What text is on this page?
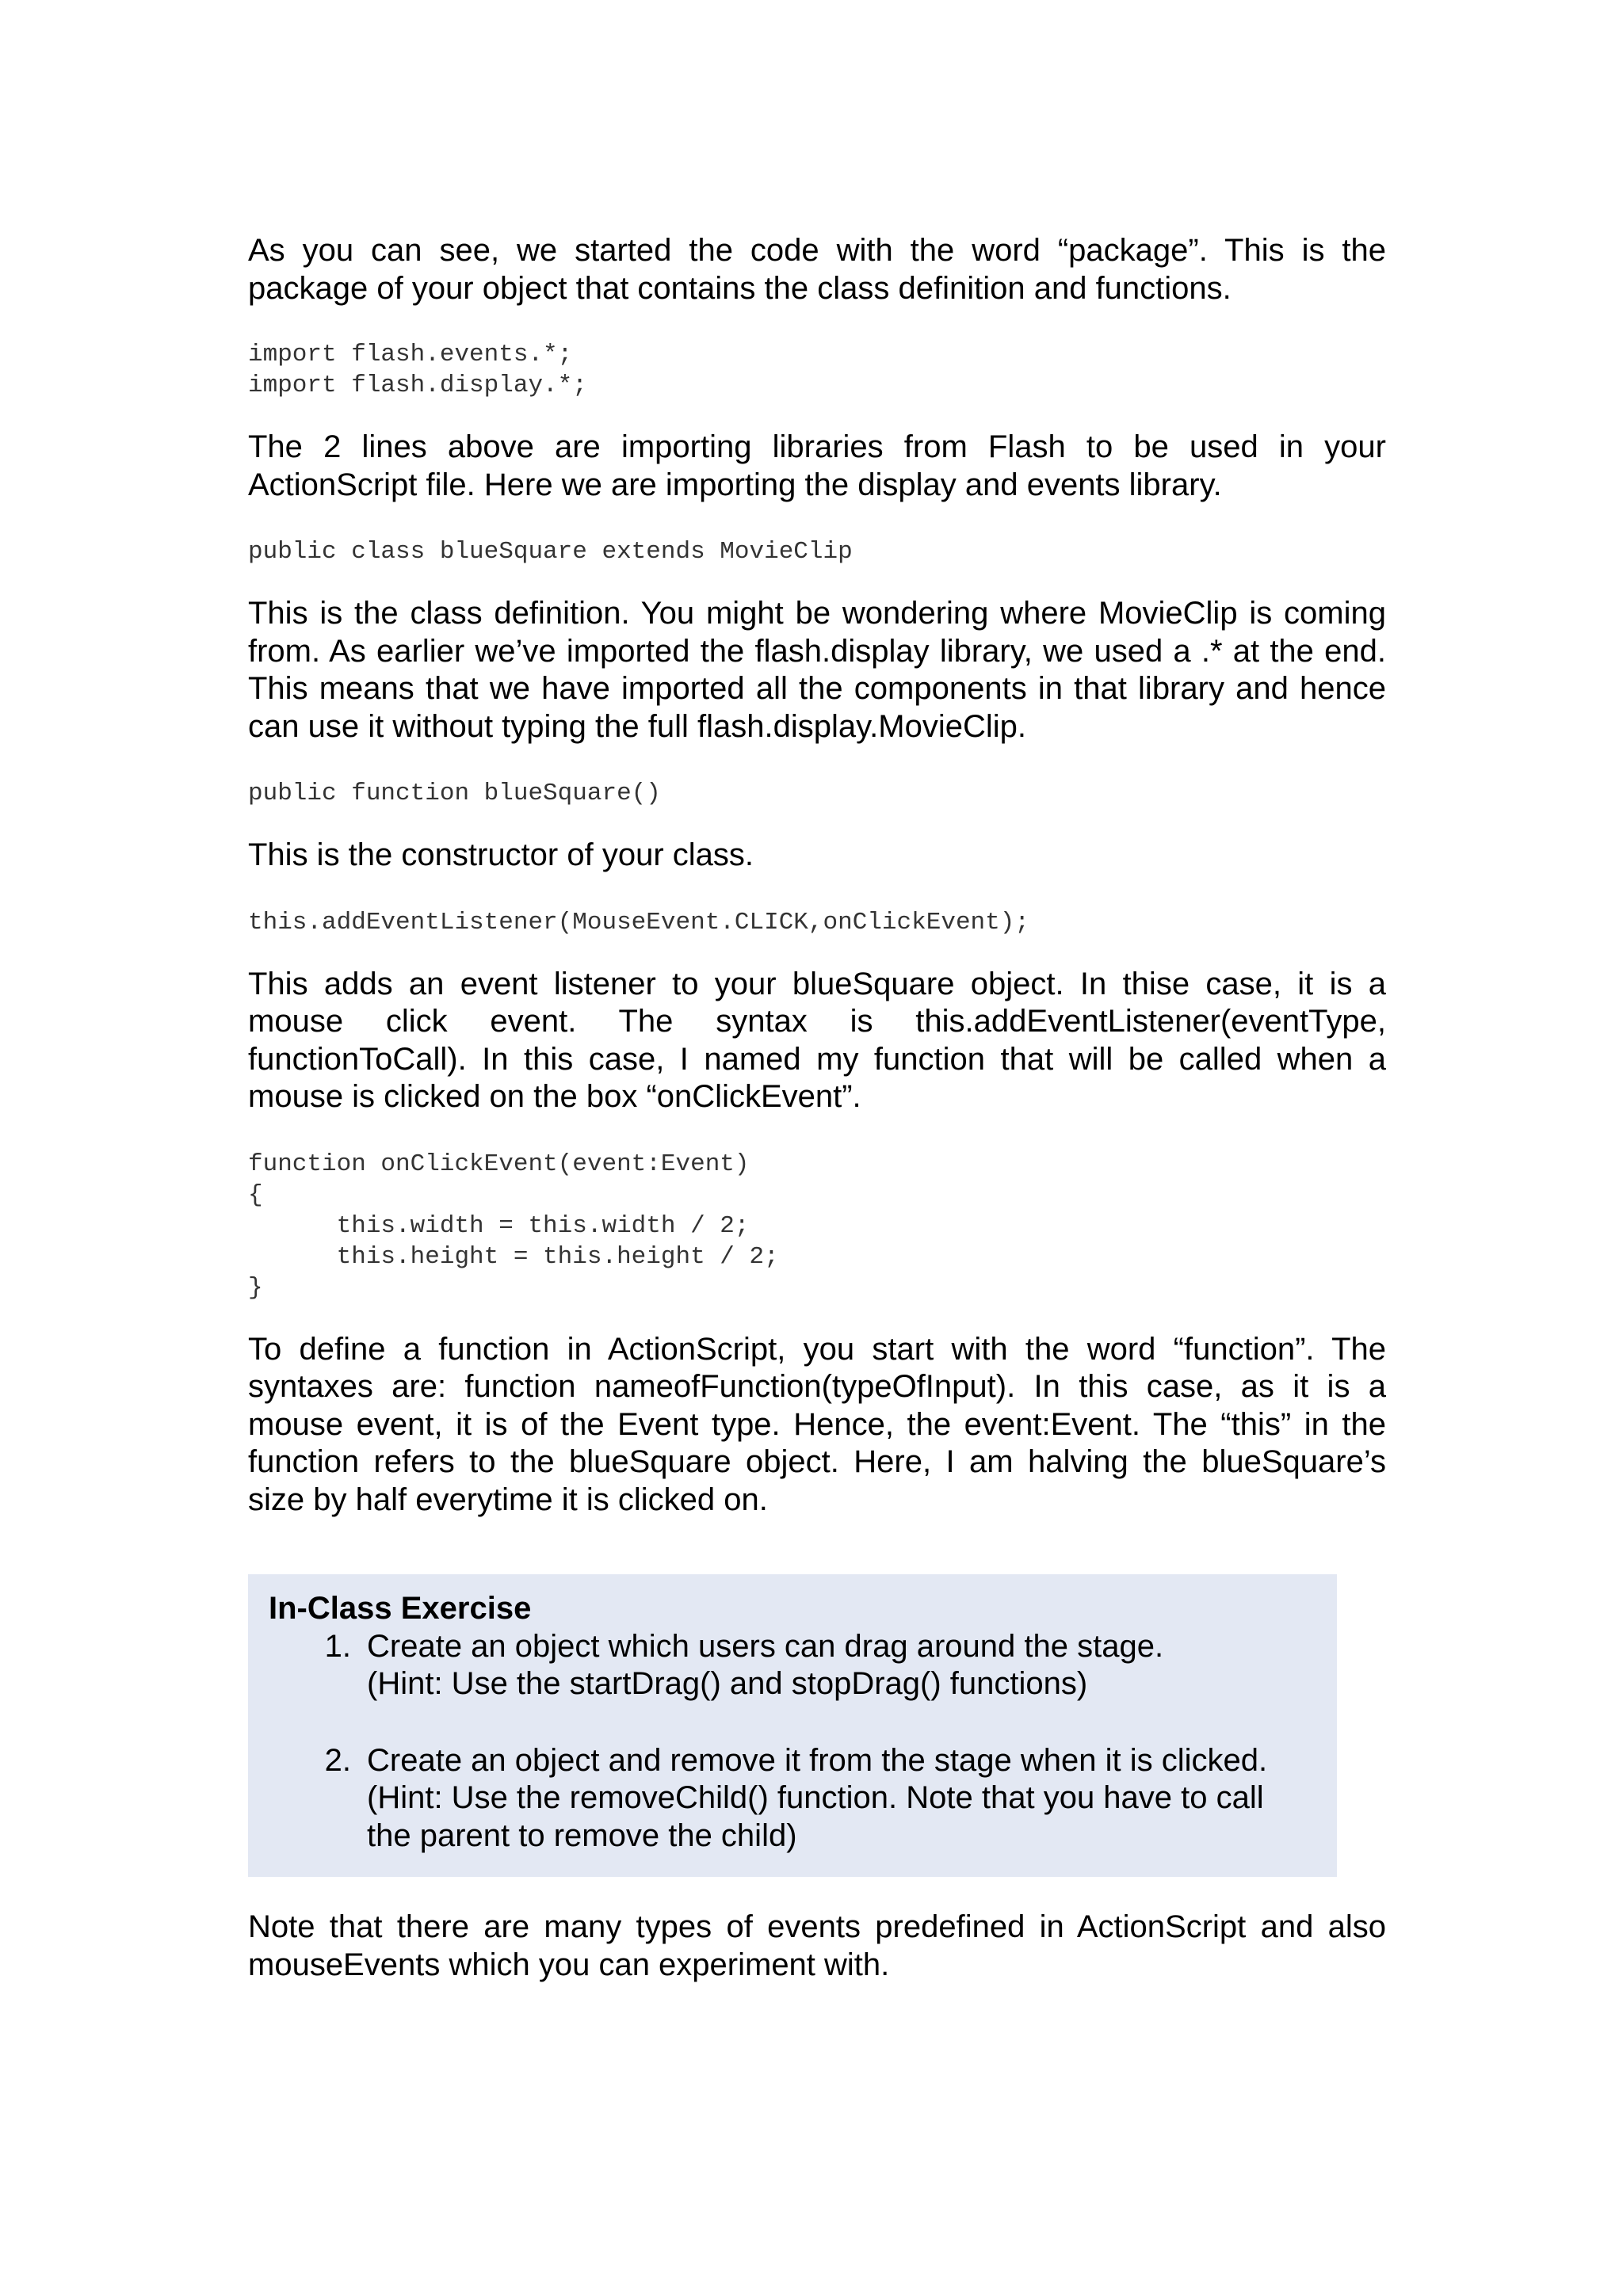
As you can see, we started the code with the word “package”. This is the package of your object that contains the class definition and functions.

import flash.events.*;
import flash.display.*;

The 2 lines above are importing libraries from Flash to be used in your ActionScript file. Here we are importing the display and events library.

public class blueSquare extends MovieClip

This is the class definition. You might be wondering where MovieClip is coming from. As earlier we’ve imported the flash.display library, we used a .* at the end. This means that we have imported all the components in that library and hence can use it without typing the full flash.display.MovieClip.

public function blueSquare()

This is the constructor of your class.

this.addEventListener(MouseEvent.CLICK,onClickEvent);

This adds an event listener to your blueSquare object. In thise case, it is a mouse click event. The syntax is this.addEventListener(eventType, functionToCall). In this case, I named my function that will be called when a mouse is clicked on the box “onClickEvent”.

function onClickEvent(event:Event)
{
this.width = this.width / 2;
this.height = this.height / 2;
}

To define a function in ActionScript, you start with the word “function”. The syntaxes are: function nameofFunction(typeOfInput). In this case, as it is a mouse event, it is of the Event type. Hence, the event:Event. The “this” in the function refers to the blueSquare object. Here, I am halving the blueSquare’s size by half everytime it is clicked on.

In-Class Exercise

1. Create an object which users can drag around the stage.
(Hint: Use the startDrag() and stopDrag() functions)
2. Create an object and remove it from the stage when it is clicked.
(Hint: Use the removeChild() function. Note that you have to call
the parent to remove the child)

Note that there are many types of events predefined in ActionScript and also mouseEvents which you can experiment with.
